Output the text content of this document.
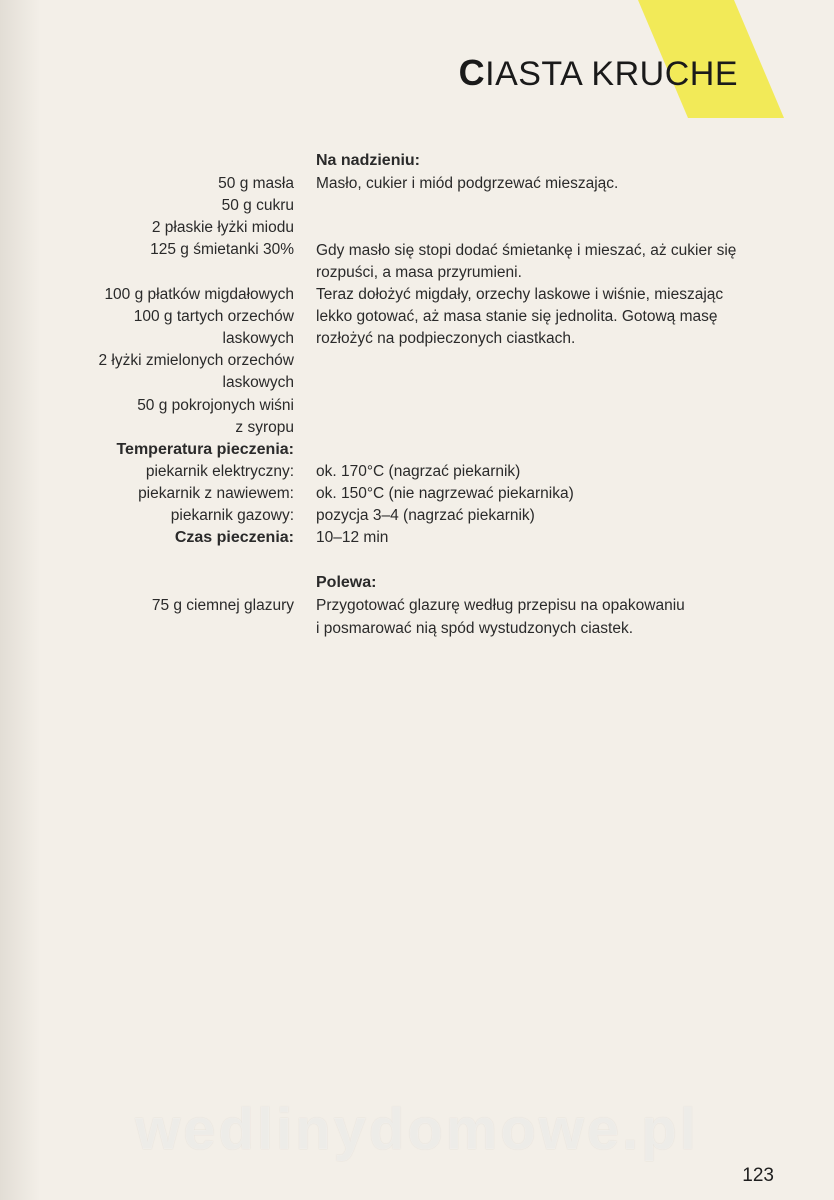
CIASTA KRUCHE
Na nadzieniu:
50 g masła
50 g cukru
2 płaskie łyżki miodu
125 g śmietanki 30%
100 g płatków migdałowych
100 g tartych orzechów
laskowych
2 łyżki zmielonych orzechów
laskowych
50 g pokrojonych wiśni
z syropu
Masło, cukier i miód podgrzewać mieszając.
Gdy masło się stopi dodać śmietankę i mieszać, aż cukier się
rozpuści, a masa przyrumieni.
Teraz dołożyć migdały, orzechy laskowe i wiśnie, mieszając
lekko gotować, aż masa stanie się jednolita. Gotową masę
rozłożyć na podpieczonych ciastkach.
Temperatura pieczenia:
piekarnik elektryczny: ok. 170°C (nagrzać piekarnik)
piekarnik z nawiewem: ok. 150°C (nie nagrzewać piekarnika)
piekarnik gazowy: pozycja 3–4 (nagrzać piekarnik)
Czas pieczenia: 10–12 min
Polewa:
75 g ciemnej glazury Przygotować glazurę według przepisu na opakowaniu
i posmarować nią spód wystudzonych ciastek.
wedlinydomowe.pl
123
